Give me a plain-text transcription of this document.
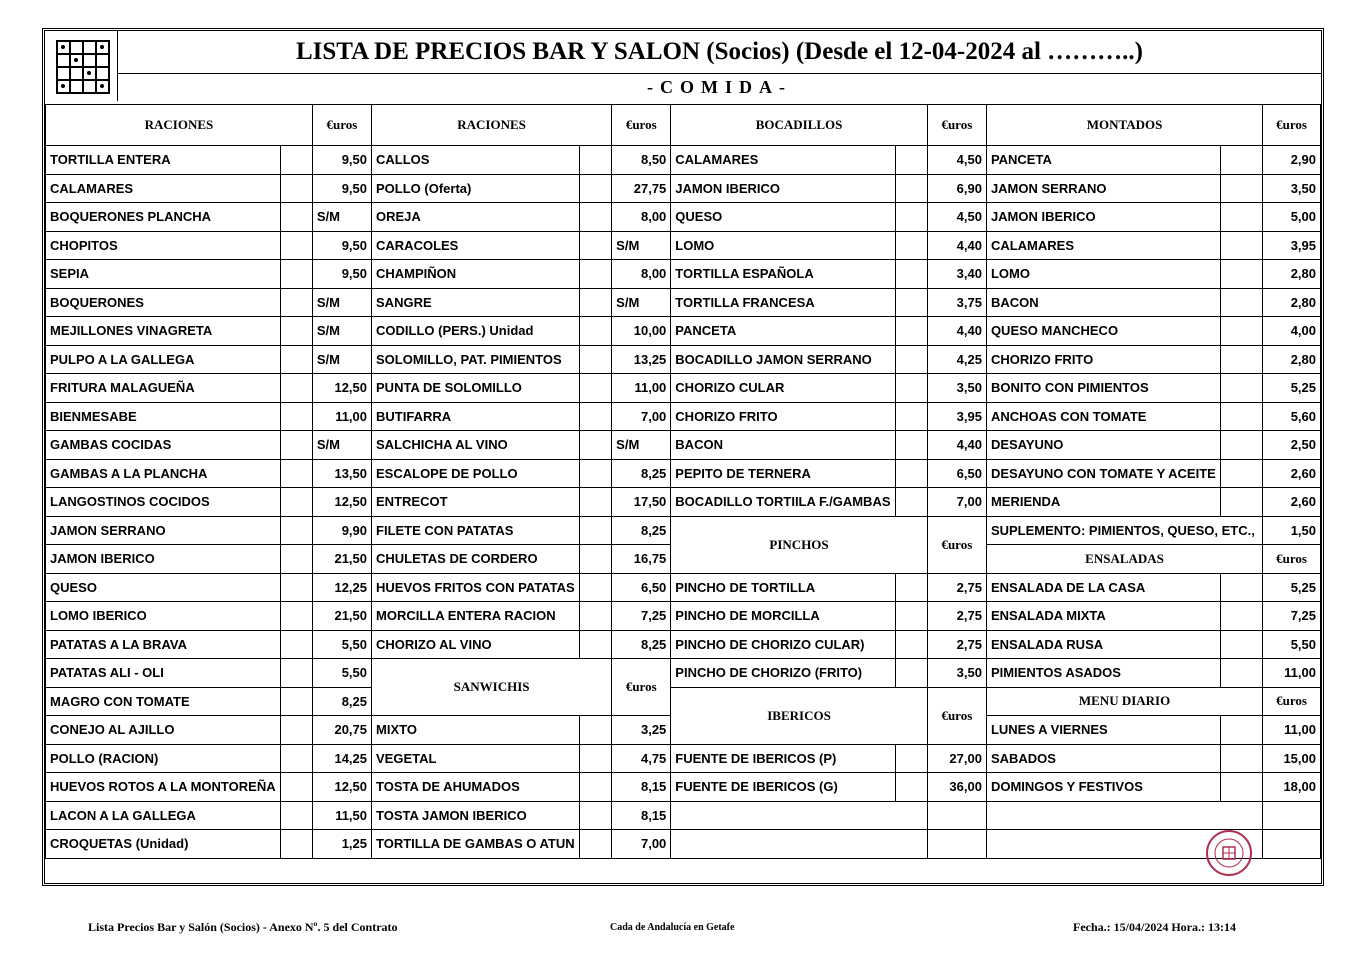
LISTA DE PRECIOS BAR Y SALON (Socios) (Desde el 12-04-2024 al ………..)
-COMIDA-
RACIONES		€uros	RACIONES		€uros	BOCADILLOS		€uros	MONTADOS		€uros
TORTILLA ENTERA		9,50	CALLOS		8,50	CALAMARES		4,50	PANCETA		2,90
CALAMARES		9,50	POLLO (Oferta)		27,75	JAMON IBERICO		6,90	JAMON SERRANO		3,50
BOQUERONES PLANCHA		S/M	OREJA		8,00	QUESO		4,50	JAMON IBERICO		5,00
CHOPITOS		9,50	CARACOLES		S/M	LOMO		4,40	CALAMARES		3,95
SEPIA		9,50	CHAMPIÑON		8,00	TORTILLA ESPAÑOLA		3,40	LOMO		2,80
BOQUERONES		S/M	SANGRE		S/M	TORTILLA FRANCESA		3,75	BACON		2,80
MEJILLONES VINAGRETA		S/M	CODILLO (PERS.) Unidad		10,00	PANCETA		4,40	QUESO MANCHECO		4,00
PULPO A LA GALLEGA		S/M	SOLOMILLO, PAT. PIMIENTOS		13,25	BOCADILLO JAMON SERRANO		4,25	CHORIZO FRITO		2,80
FRITURA MALAGUEÑA		12,50	PUNTA DE SOLOMILLO		11,00	CHORIZO CULAR		3,50	BONITO CON PIMIENTOS		5,25
BIENMESABE		11,00	BUTIFARRA		7,00	CHORIZO FRITO		3,95	ANCHOAS CON TOMATE		5,60
GAMBAS COCIDAS		S/M	SALCHICHA AL VINO		S/M	BACON		4,40	DESAYUNO		2,50
GAMBAS A LA PLANCHA		13,50	ESCALOPE DE POLLO		8,25	PEPITO DE TERNERA		6,50	DESAYUNO CON TOMATE Y ACEITE		2,60
LANGOSTINOS COCIDOS		12,50	ENTRECOT		17,50	BOCADILLO TORTIILA F./GAMBAS		7,00	MERIENDA		2,60
JAMON SERRANO		9,90	FILETE CON PATATAS		8,25	PINCHOS		€uros	SUPLEMENTO: PIMIENTOS, QUESO, ETC.,		1,50
JAMON IBERICO		21,50	CHULETAS DE CORDERO		16,75				ENSALADAS		€uros
QUESO		12,25	HUEVOS FRITOS CON PATATAS		6,50	PINCHO DE TORTILLA		2,75	ENSALADA DE LA CASA		5,25
LOMO IBERICO		21,50	MORCILLA ENTERA RACION		7,25	PINCHO DE MORCILLA		2,75	ENSALADA MIXTA		7,25
PATATAS A LA BRAVA		5,50	CHORIZO AL VINO		8,25	PINCHO DE CHORIZO CULAR)		2,75	ENSALADA RUSA		5,50
PATATAS ALI - OLI		5,50	SANWICHIS		€uros	PINCHO DE CHORIZO (FRITO)		3,50	PIMIENTOS ASADOS		11,00
MAGRO CON TOMATE		8,25				IBERICOS		€uros	MENU DIARIO		€uros
CONEJO AL AJILLO		20,75	MIXTO		3,25				LUNES A VIERNES		11,00
POLLO (RACION)		14,25	VEGETAL		4,75	FUENTE DE IBERICOS (P)		27,00	SABADOS		15,00
HUEVOS ROTOS A LA MONTOREÑA		12,50	TOSTA DE AHUMADOS		8,15	FUENTE DE IBERICOS (G)		36,00	DOMINGOS Y FESTIVOS		18,00
LACON A LA GALLEGA		11,50	TOSTA JAMON IBERICO		8,15						
CROQUETAS (Unidad)		1,25	TORTILLA DE GAMBAS O ATUN		7,00						
Lista Precios Bar y Salón (Socios) - Anexo Nº. 5 del Contrato	Cada de Andalucía en Getafe	Fecha.: 15/04/2024 Hora.: 13:14
